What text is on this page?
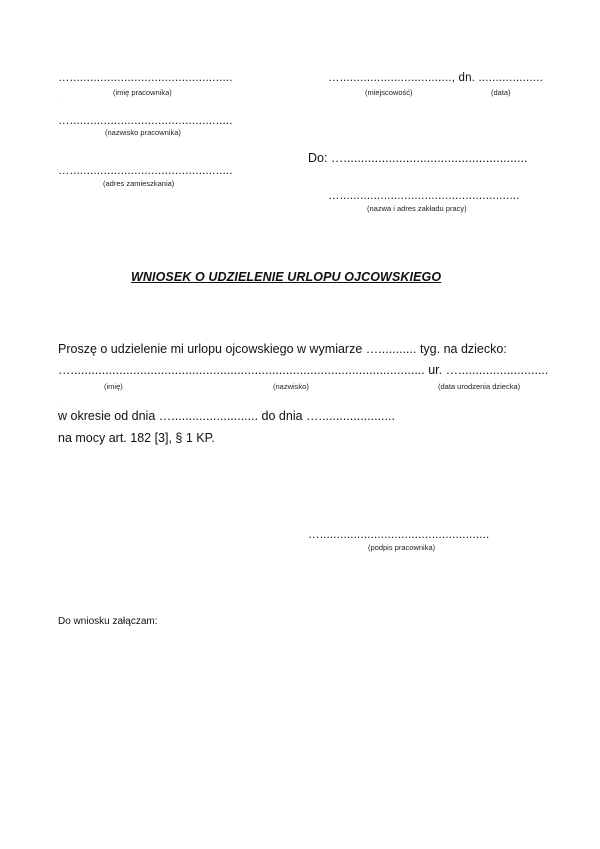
…................................................
(imię pracownika)
.
…................................................
(nazwisko pracownika)
…................................................
(adres zamieszkania)
…................................., dn. ...................
(miejscowość)	(data)
Do: ….....................................................
….....................................................
(nazwa i adres zakładu pracy)
WNIOSEK O UDZIELENIE URLOPU OJCOWSKIEGO
Proszę o udzielenie mi urlopu ojcowskiego w wymiarze …........... tyg. na dziecko:
…...................................................................................................... ur. …..........................
(imię)	(nazwisko)	(data urodzenia dziecka)
.
w okresie od dnia …......................... do dnia …......................
na mocy art. 182 [3], § 1 KP.
…..................................................
(podpis pracownika)
Do wniosku załączam:
